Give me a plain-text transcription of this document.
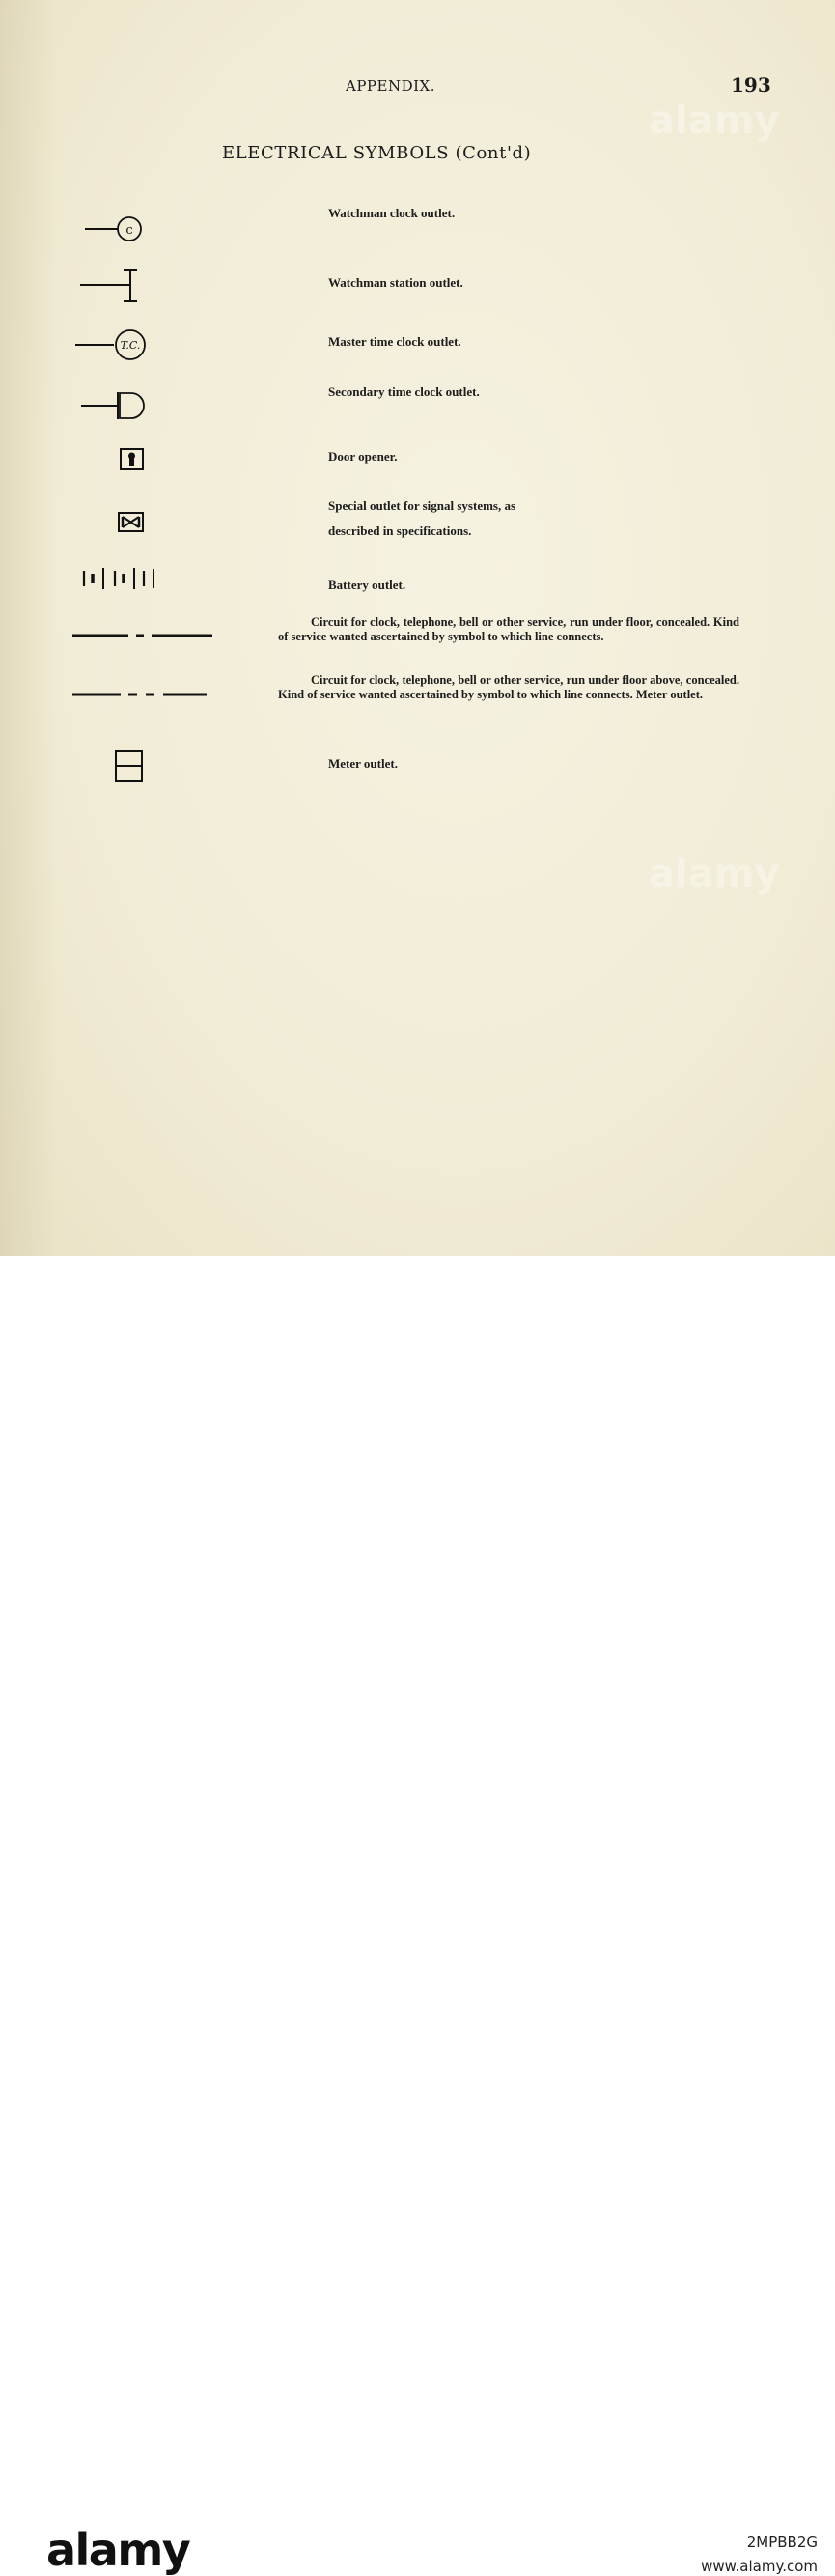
APPENDIX.	193
ELECTRICAL SYMBOLS (Cont'd)
c
Watchman clock outlet.
Watchman station outlet.
T.C.	Master time clock outlet.
Secondary time clock outlet.
Door opener.
Special outlet for signal systems, as described in specifications.
Battery outlet.
Circuit for clock, telephone, bell or other service, run under floor, concealed. Kind of service wanted ascertained by symbol to which line connects.
Circuit for clock, telephone, bell or other service, run under floor above, concealed. Kind of service wanted ascertained by symbol to which line connects. Meter outlet.
Meter outlet.
alamy
alamy
alamy	2MPBB2G
www.alamy.com
